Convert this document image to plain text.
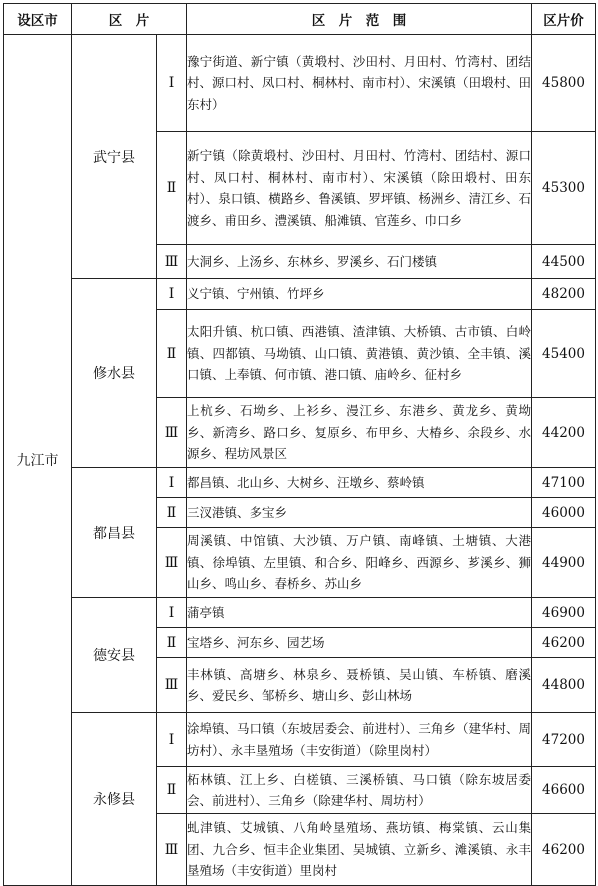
设区市	区　片		区　片　范　围	区片价
九江市	武宁县	Ⅰ	豫宁街道、新宁镇（黄塅村、沙田村、月田村、竹湾村、团结村、源口村、凤口村、桐林村、南市村）、宋溪镇（田塅村、田东村）	45800
		Ⅱ	新宁镇（除黄塅村、沙田村、月田村、竹湾村、团结村、源口村、凤口村、桐林村、南市村）、宋溪镇（除田塅村、田东村）、泉口镇、横路乡、鲁溪镇、罗坪镇、杨洲乡、清江乡、石渡乡、甫田乡、澧溪镇、船滩镇、官莲乡、巾口乡	45300
		Ⅲ	大洞乡、上汤乡、东林乡、罗溪乡、石门楼镇	44500
	修水县	Ⅰ	义宁镇、宁州镇、竹坪乡	48200
		Ⅱ	太阳升镇、杭口镇、西港镇、渣津镇、大桥镇、古市镇、白岭镇、四都镇、马坳镇、山口镇、黄港镇、黄沙镇、全丰镇、溪口镇、上奉镇、何市镇、港口镇、庙岭乡、征村乡	45400
		Ⅲ	上杭乡、石坳乡、上衫乡、漫江乡、东港乡、黄龙乡、黄坳乡、新湾乡、路口乡、复原乡、布甲乡、大椿乡、余段乡、水源乡、程坊风景区	44200
	都昌县	Ⅰ	都昌镇、北山乡、大树乡、汪墩乡、蔡岭镇	47100
		Ⅱ	三汊港镇、多宝乡	46000
		Ⅲ	周溪镇、中馆镇、大沙镇、万户镇、南峰镇、土塘镇、大港镇、徐埠镇、左里镇、和合乡、阳峰乡、西源乡、芗溪乡、狮山乡、鸣山乡、春桥乡、苏山乡	44900
	德安县	Ⅰ	蒲亭镇	46900
		Ⅱ	宝塔乡、河东乡、园艺场	46200
		Ⅲ	丰林镇、高塘乡、林泉乡、聂桥镇、吴山镇、车桥镇、磨溪乡、爱民乡、邹桥乡、塘山乡、彭山林场	44800
	永修县	Ⅰ	涂埠镇、马口镇（东坡居委会、前进村）、三角乡（建华村、周坊村）、永丰垦殖场（丰安街道）（除里岗村）	47200
		Ⅱ	柘林镇、江上乡、白槎镇、三溪桥镇、马口镇（除东坡居委会、前进村）、三角乡（除建华村、周坊村）	46600
		Ⅲ	虬津镇、艾城镇、八角岭垦殖场、燕坊镇、梅棠镇、云山集团、九合乡、恒丰企业集团、吴城镇、立新乡、滩溪镇、永丰垦殖场（丰安街道）里岗村	46200
